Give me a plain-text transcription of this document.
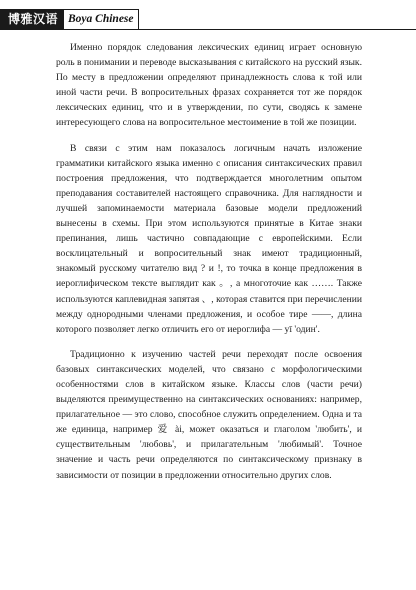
博雅汉语 Boya Chinese

Именно порядок следования лексических единиц играет основную роль в понимании и переводе высказывания с китайского на русский язык. По месту в предложении определяют принадлежность слова к той или иной части речи. В вопросительных фразах сохраняется тот же порядок лексических единиц, что и в утверждении, по сути, сводясь к замене интересующего слова на вопросительное местоимение в той же позиции.

В связи с этим нам показалось логичным начать изложение грамматики китайского языка именно с описания синтаксических правил построения предложения, что подтверждается многолетним опытом преподавания составителей настоящего справочника. Для наглядности и лучшей запоминаемости материала базовые модели предложений вынесены в схемы. При этом используются принятые в Китае знаки препинания, лишь частично совпадающие с европейскими. Если восклицательный и вопросительный знак имеют традиционный, знакомый русскому читателю вид ? и !, то точка в конце предложения в иероглифическом тексте выглядит как 。, а многоточие как ……. Также используются каплевидная запятая 、, которая ставится при перечислении между однородными членами предложения, и особое тире ——, длина которого позволяет легко отличить его от иероглифа — yī 'один'.

Традиционно к изучению частей речи переходят после освоения базовых синтаксических моделей, что связано с морфологическими особенностями слов в китайском языке. Классы слов (части речи) выделяются преимущественно на синтаксических основаниях: например, прилагательное — это слово, способное служить определением. Одна и та же единица, например 爱 ài, может оказаться и глаголом 'любить', и существительным 'любовь', и прилагательным 'любимый'. Точное значение и часть речи определяются по синтаксическому признаку в зависимости от позиции в предложении относительно других слов.
